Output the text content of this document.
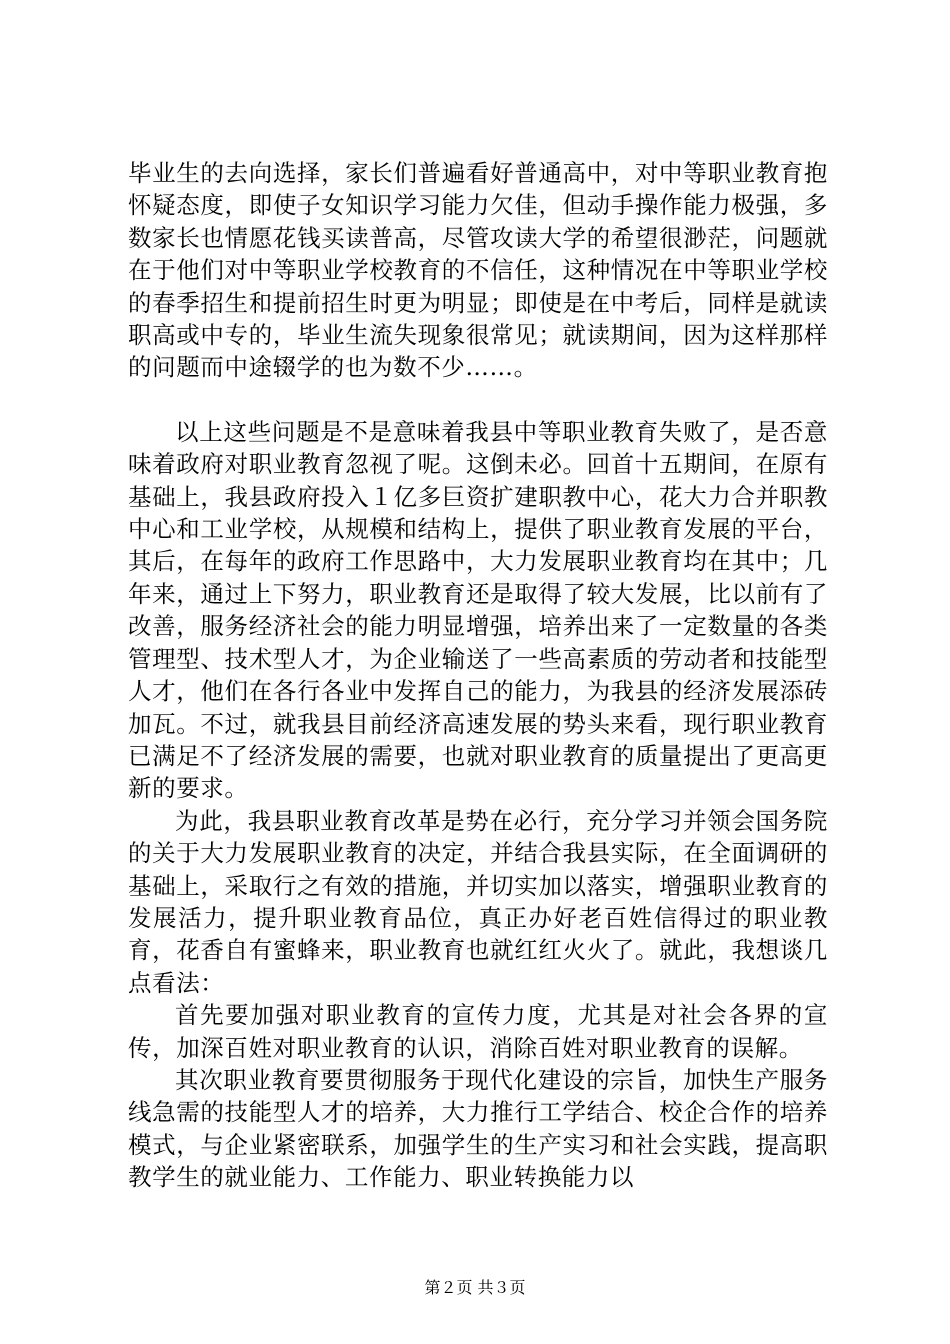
毕业生的去向选择，家长们普遍看好普通高中，对中等职业教育抱怀疑态度，即使子女知识学习能力欠佳，但动手操作能力极强，多数家长也情愿花钱买读普高，尽管攻读大学的希望很渺茫，问题就在于他们对中等职业学校教育的不信任，这种情况在中等职业学校的春季招生和提前招生时更为明显；即使是在中考后，同样是就读职高或中专的，毕业生流失现象很常见；就读期间，因为这样那样的问题而中途辍学的也为数不少……。

以上这些问题是不是意味着我县中等职业教育失败了，是否意味着政府对职业教育忽视了呢。这倒未必。回首十五期间，在原有基础上，我县政府投入１亿多巨资扩建职教中心，花大力合并职教中心和工业学校，从规模和结构上，提供了职业教育发展的平台，其后，在每年的政府工作思路中，大力发展职业教育均在其中；几年来，通过上下努力，职业教育还是取得了较大发展，比以前有了改善，服务经济社会的能力明显增强，培养出来了一定数量的各类管理型、技术型人才，为企业输送了一些高素质的劳动者和技能型人才，他们在各行各业中发挥自己的能力，为我县的经济发展添砖加瓦。不过，就我县目前经济高速发展的势头来看，现行职业教育已满足不了经济发展的需要，也就对职业教育的质量提出了更高更新的要求。

为此，我县职业教育改革是势在必行，充分学习并领会国务院的关于大力发展职业教育的决定，并结合我县实际，在全面调研的基础上，采取行之有效的措施，并切实加以落实，增强职业教育的发展活力，提升职业教育品位，真正办好老百姓信得过的职业教育，花香自有蜜蜂来，职业教育也就红红火火了。就此，我想谈几点看法：

首先要加强对职业教育的宣传力度，尤其是对社会各界的宣传，加深百姓对职业教育的认识，消除百姓对职业教育的误解。

其次职业教育要贯彻服务于现代化建设的宗旨，加快生产服务线急需的技能型人才的培养，大力推行工学结合、校企合作的培养模式，与企业紧密联系，加强学生的生产实习和社会实践，提高职教学生的就业能力、工作能力、职业转换能力以

第２页 共３页
